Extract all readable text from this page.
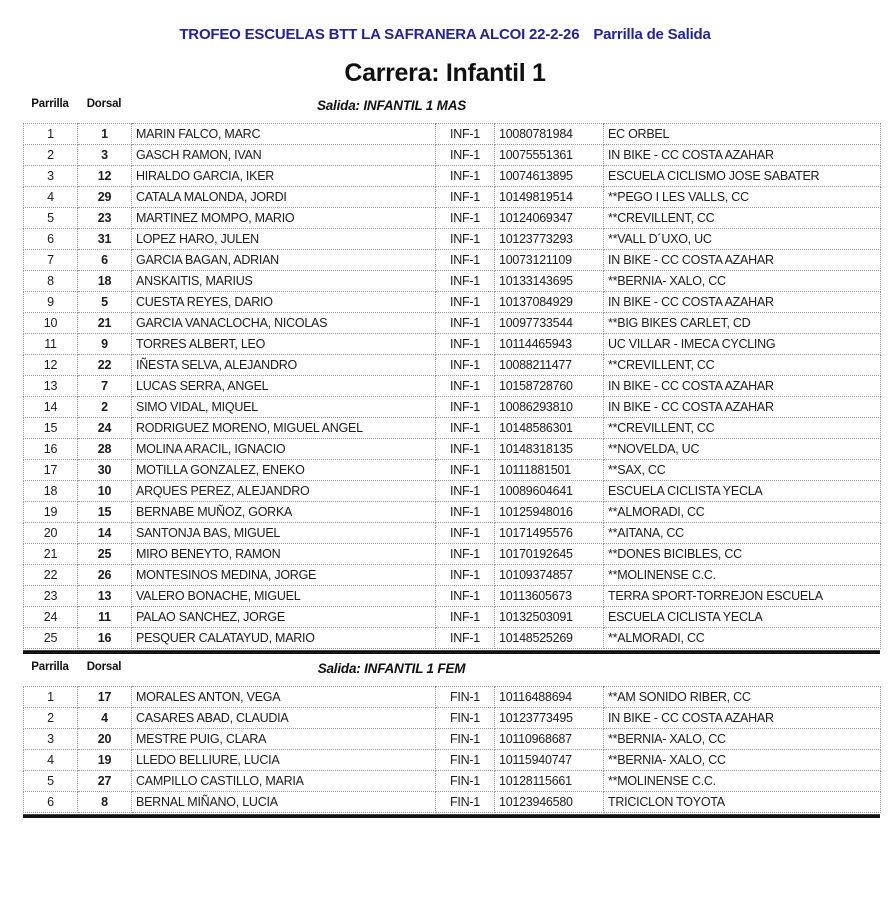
TROFEO ESCUELAS BTT LA SAFRANERA ALCOI 22-2-26 Parrilla de Salida
Carrera: Infantil 1
Parrilla Dorsal	Salida: INFANTIL 1 MAS
1	1	MARIN FALCO, MARC	INF-1	10080781984	EC ORBEL
2	3	GASCH RAMON, IVAN	INF-1	10075551361	IN BIKE - CC COSTA AZAHAR
3	12	HIRALDO GARCIA, IKER	INF-1	10074613895	ESCUELA CICLISMO JOSE SABATER
4	29	CATALA MALONDA, JORDI	INF-1	10149819514	**PEGO I LES VALLS, CC
5	23	MARTINEZ MOMPO, MARIO	INF-1	10124069347	**CREVILLENT, CC
6	31	LOPEZ HARO, JULEN	INF-1	10123773293	**VALL D´UXO, UC
7	6	GARCIA BAGAN, ADRIAN	INF-1	10073121109	IN BIKE - CC COSTA AZAHAR
8	18	ANSKAITIS, MARIUS	INF-1	10133143695	**BERNIA- XALO, CC
9	5	CUESTA REYES, DARIO	INF-1	10137084929	IN BIKE - CC COSTA AZAHAR
10	21	GARCIA VANACLOCHA, NICOLAS	INF-1	10097733544	**BIG BIKES CARLET, CD
11	9	TORRES ALBERT, LEO	INF-1	10114465943	UC VILLAR - IMECA CYCLING
12	22	IÑESTA SELVA, ALEJANDRO	INF-1	10088211477	**CREVILLENT, CC
13	7	LUCAS SERRA, ANGEL	INF-1	10158728760	IN BIKE - CC COSTA AZAHAR
14	2	SIMO VIDAL, MIQUEL	INF-1	10086293810	IN BIKE - CC COSTA AZAHAR
15	24	RODRIGUEZ MORENO, MIGUEL ANGEL	INF-1	10148586301	**CREVILLENT, CC
16	28	MOLINA ARACIL, IGNACIO	INF-1	10148318135	**NOVELDA, UC
17	30	MOTILLA GONZALEZ, ENEKO	INF-1	10111881501	**SAX, CC
18	10	ARQUES PEREZ, ALEJANDRO	INF-1	10089604641	ESCUELA CICLISTA YECLA
19	15	BERNABE MUÑOZ, GORKA	INF-1	10125948016	**ALMORADI, CC
20	14	SANTONJA BAS, MIGUEL	INF-1	10171495576	**AITANA, CC
21	25	MIRO BENEYTO, RAMON	INF-1	10170192645	**DONES BICIBLES, CC
22	26	MONTESINOS MEDINA, JORGE	INF-1	10109374857	**MOLINENSE C.C.
23	13	VALERO BONACHE, MIGUEL	INF-1	10113605673	TERRA SPORT-TORREJON ESCUELA
24	11	PALAO SANCHEZ, JORGE	INF-1	10132503091	ESCUELA CICLISTA YECLA
25	16	PESQUER CALATAYUD, MARIO	INF-1	10148525269	**ALMORADI, CC
Parrilla Dorsal	Salida: INFANTIL 1 FEM
1	17	MORALES ANTON, VEGA	FIN-1	10116488694	**AM SONIDO RIBER, CC
2	4	CASARES ABAD, CLAUDIA	FIN-1	10123773495	IN BIKE - CC COSTA AZAHAR
3	20	MESTRE PUIG, CLARA	FIN-1	10110968687	**BERNIA- XALO, CC
4	19	LLEDO BELLIURE, LUCIA	FIN-1	10115940747	**BERNIA- XALO, CC
5	27	CAMPILLO CASTILLO, MARIA	FIN-1	10128115661	**MOLINENSE C.C.
6	8	BERNAL MIÑANO, LUCIA	FIN-1	10123946580	TRICICLON TOYOTA
